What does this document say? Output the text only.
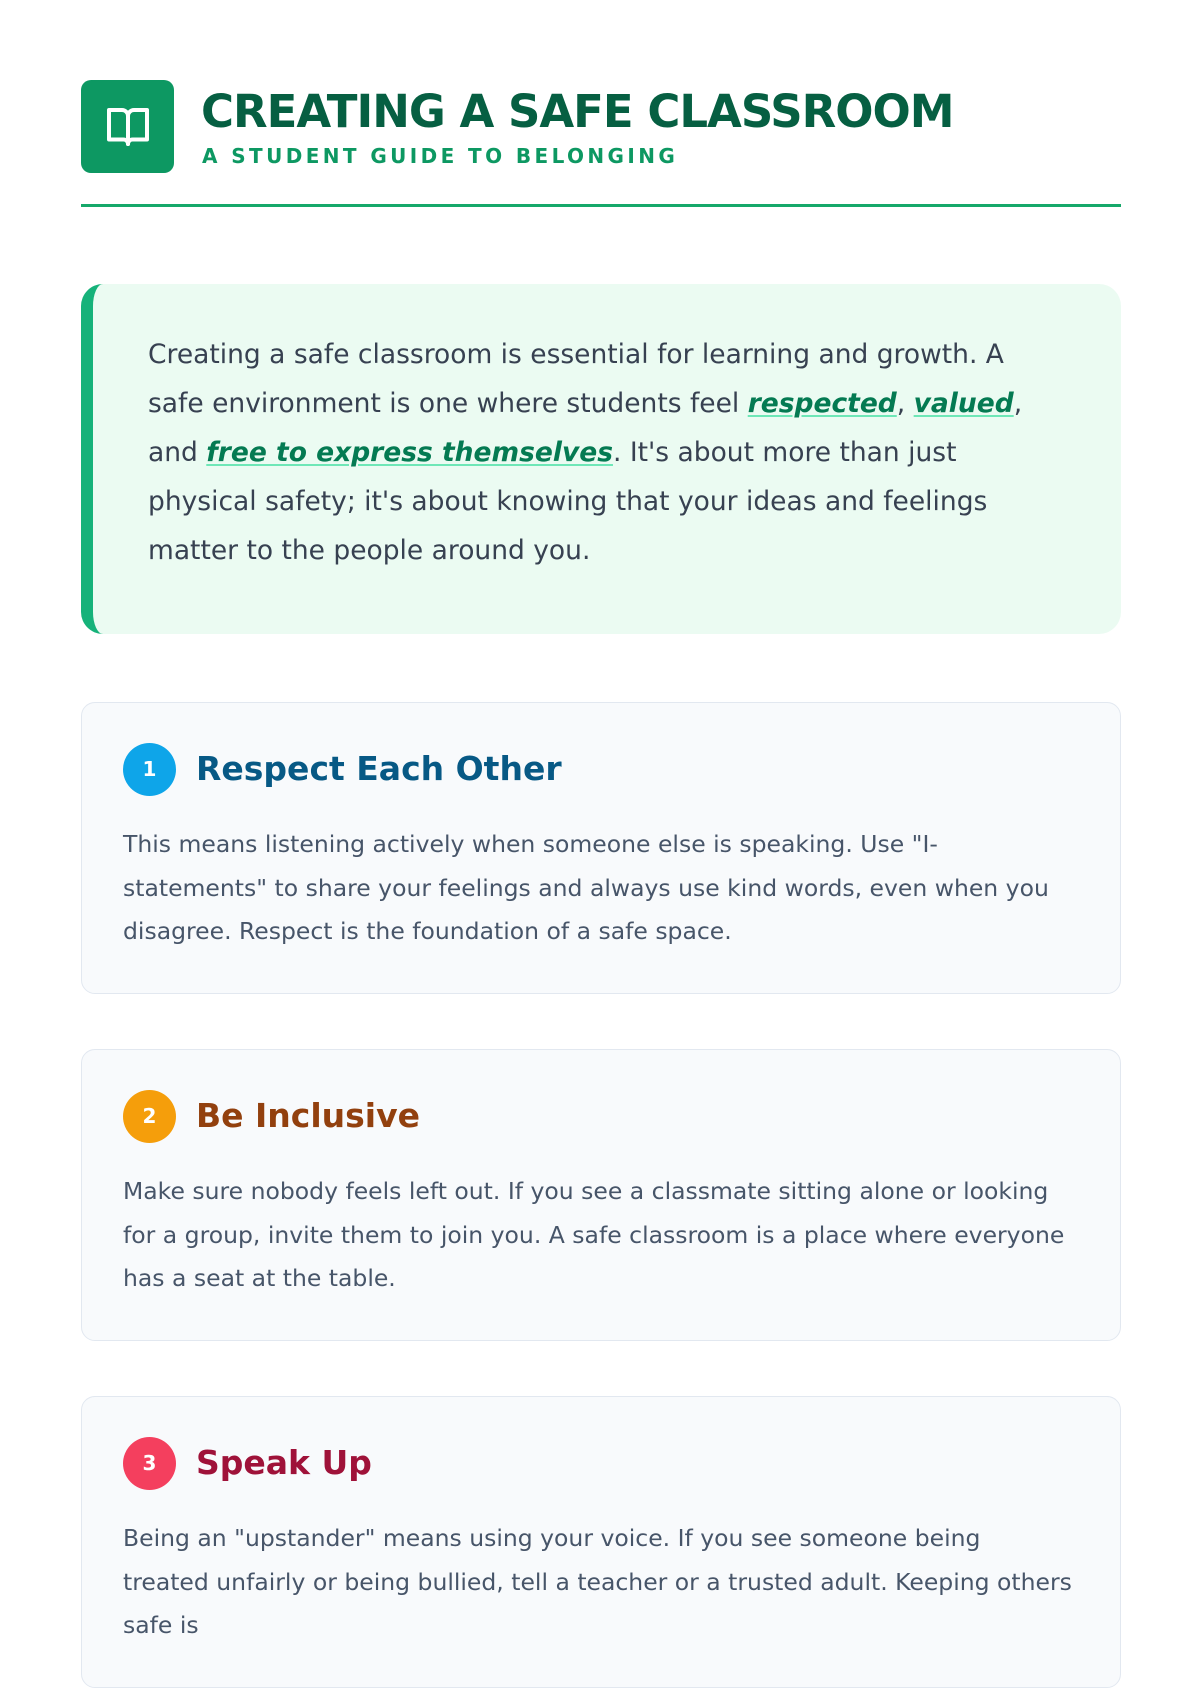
CREATING A SAFE CLASSROOM
A STUDENT GUIDE TO BELONGING

Creating a safe classroom is essential for learning and growth. A safe environment is one where students feel respected, valued, and free to express themselves. It's about more than just physical safety; it's about knowing that your ideas and feelings matter to the people around you.

1	Respect Each Other

This means listening actively when someone else is speaking. Use "I-statements" to share your feelings and always use kind words, even when you disagree. Respect is the foundation of a safe space.

2	Be Inclusive

Make sure nobody feels left out. If you see a classmate sitting alone or looking for a group, invite them to join you. A safe classroom is a place where everyone has a seat at the table.

3	Speak Up

Being an "upstander" means using your voice. If you see someone being treated unfairly or being bullied, tell a teacher or a trusted adult. Keeping others safe is
